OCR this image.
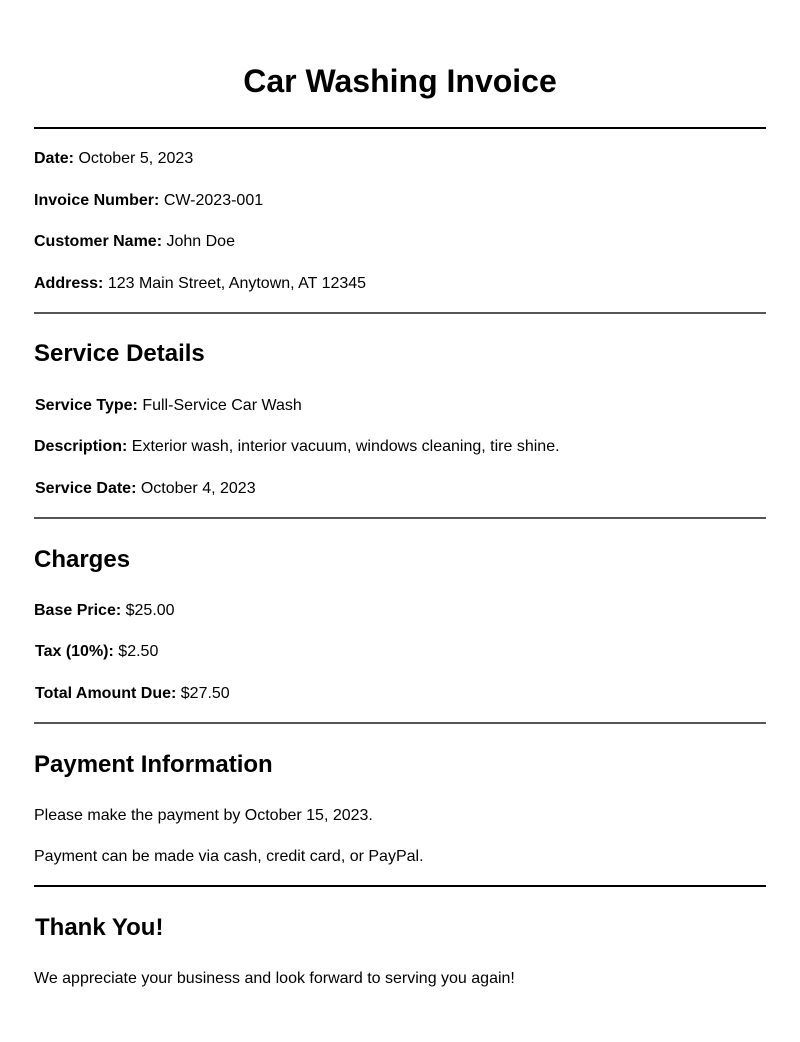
Car Washing Invoice

Date: October 5, 2023

Invoice Number: CW-2023-001

Customer Name: John Doe

Address: 123 Main Street, Anytown, AT 12345

Service Details

Service Type: Full-Service Car Wash

Description: Exterior wash, interior vacuum, windows cleaning, tire shine.

Service Date: October 4, 2023

Charges

Base Price: $25.00

Tax (10%): $2.50

Total Amount Due: $27.50

Payment Information

Please make the payment by October 15, 2023.

Payment can be made via cash, credit card, or PayPal.

Thank You!

We appreciate your business and look forward to serving you again!
